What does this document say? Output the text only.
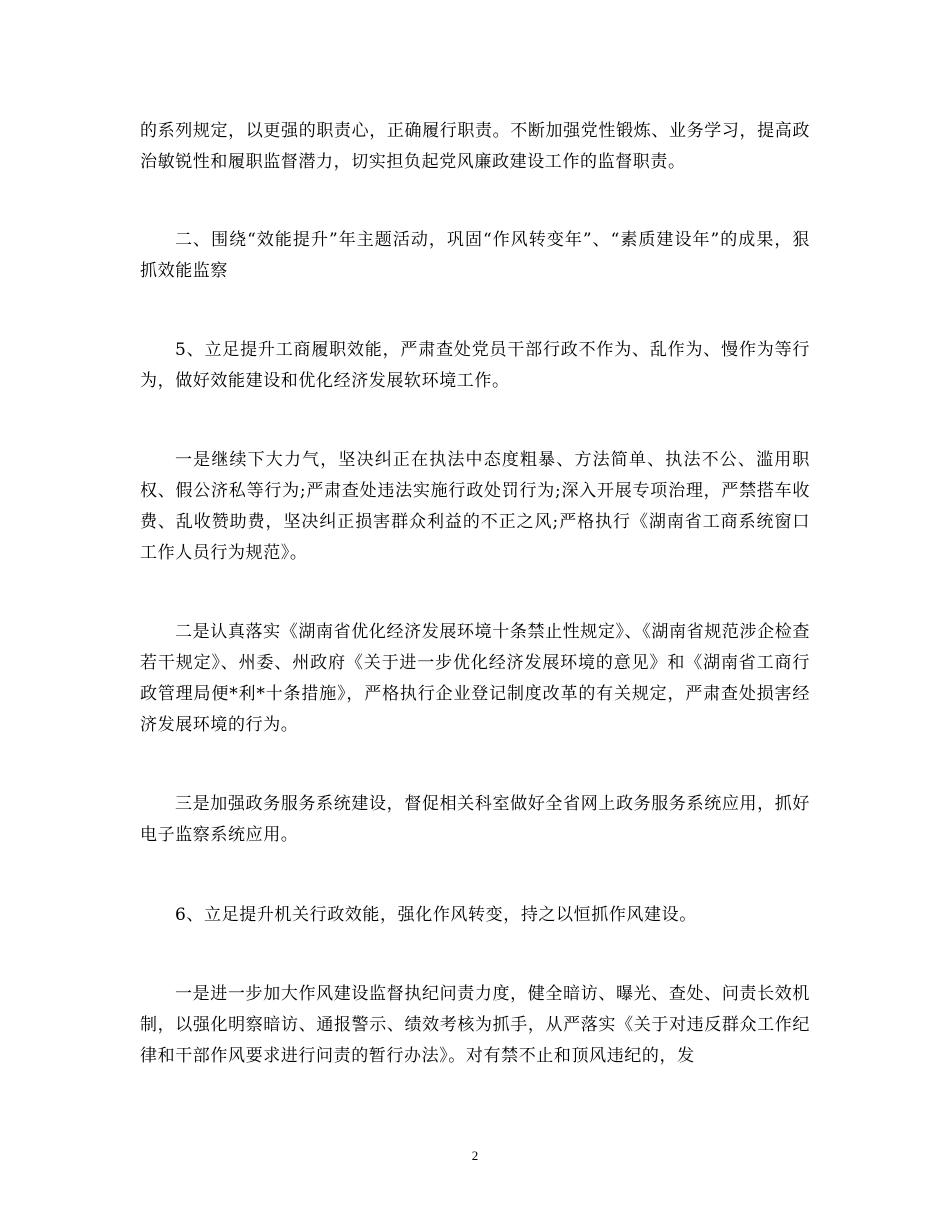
的系列规定，以更强的职责心，正确履行职责。不断加强党性锻炼、业务学习，提高政治敏锐性和履职监督潜力，切实担负起党风廉政建设工作的监督职责。

二、围绕“效能提升”年主题活动，巩固“作风转变年”、“素质建设年”的成果，狠抓效能监察

5、立足提升工商履职效能，严肃查处党员干部行政不作为、乱作为、慢作为等行为，做好效能建设和优化经济发展软环境工作。

一是继续下大力气，坚决纠正在执法中态度粗暴、方法简单、执法不公、滥用职权、假公济私等行为;严肃查处违法实施行政处罚行为;深入开展专项治理，严禁搭车收费、乱收赞助费，坚决纠正损害群众利益的不正之风;严格执行《湖南省工商系统窗口工作人员行为规范》。

二是认真落实《湖南省优化经济发展环境十条禁止性规定》、《湖南省规范涉企检查若干规定》、州委、州政府《关于进一步优化经济发展环境的意见》和《湖南省工商行政管理局便*利*十条措施》，严格执行企业登记制度改革的有关规定，严肃查处损害经济发展环境的行为。

三是加强政务服务系统建设，督促相关科室做好全省网上政务服务系统应用，抓好电子监察系统应用。

6、立足提升机关行政效能，强化作风转变，持之以恒抓作风建设。

一是进一步加大作风建设监督执纪问责力度，健全暗访、曝光、查处、问责长效机制，以强化明察暗访、通报警示、绩效考核为抓手，从严落实《关于对违反群众工作纪律和干部作风要求进行问责的暂行办法》。对有禁不止和顶风违纪的，发

2
